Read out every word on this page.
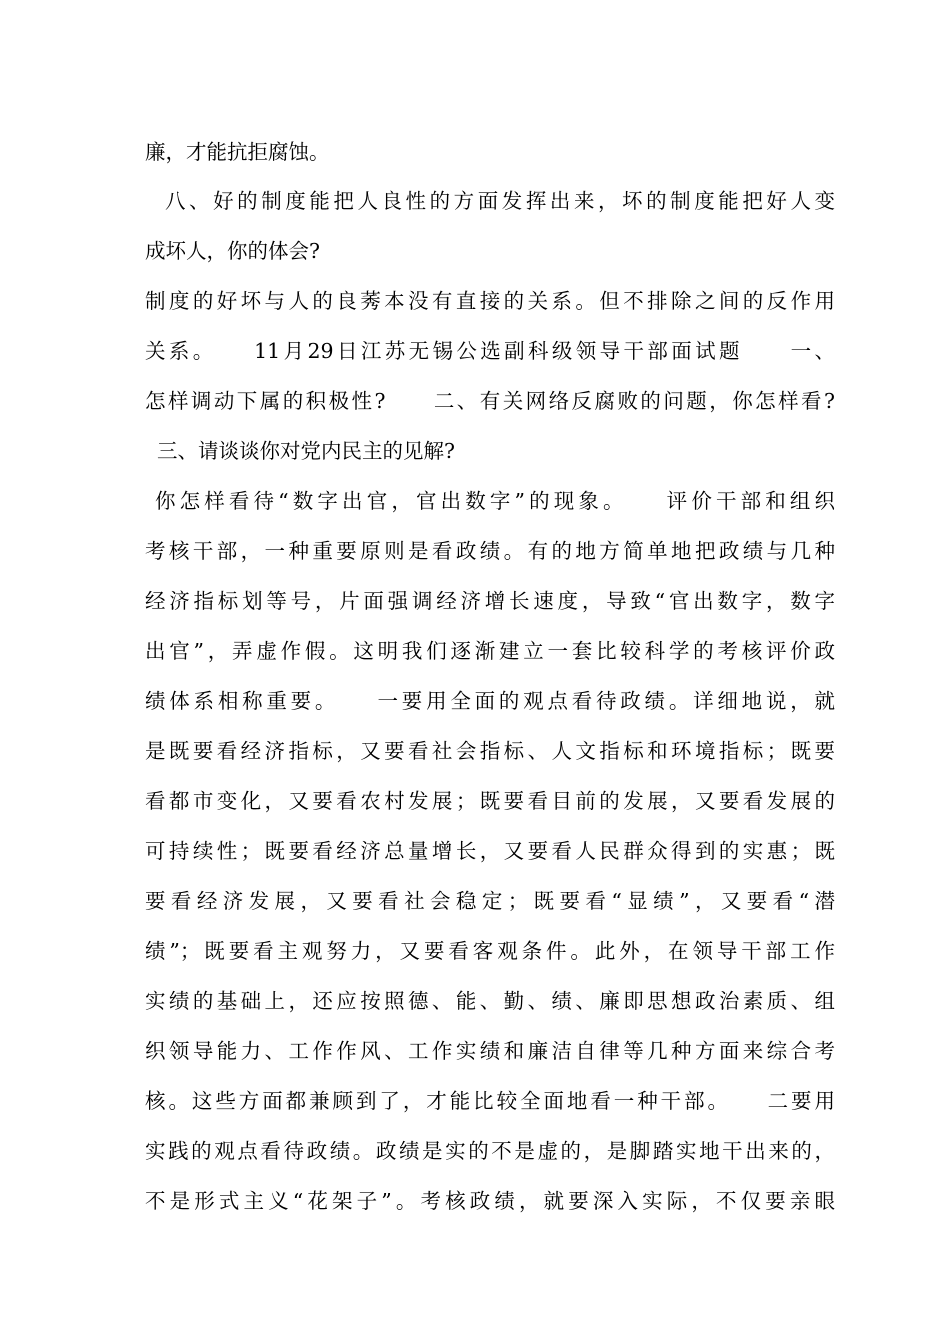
廉，才能抗拒腐蚀。
八、好的制度能把人良性的方面发挥出来，坏的制度能把好人变
成坏人，你的体会?
制度的好坏与人的良莠本没有直接的关系。但不排除之间的反作用
关系。　　11月29日江苏无锡公选副科级领导干部面试题　　一、
怎样调动下属的积极性?　　二、有关网络反腐败的问题，你怎样看?
三、请谈谈你对党内民主的见解?
你怎样看待“数字出官，官出数字”的现象。　　评价干部和组织
考核干部，一种重要原则是看政绩。有的地方简单地把政绩与几种
经济指标划等号，片面强调经济增长速度，导致“官出数字，数字
出官”，弄虚作假。这明我们逐渐建立一套比较科学的考核评价政
绩体系相称重要。　　一要用全面的观点看待政绩。详细地说，就
是既要看经济指标，又要看社会指标、人文指标和环境指标；既要
看都市变化，又要看农村发展；既要看目前的发展，又要看发展的
可持续性；既要看经济总量增长，又要看人民群众得到的实惠；既
要看经济发展，又要看社会稳定；既要看“显绩”，又要看“潜
绩”；既要看主观努力，又要看客观条件。此外，在领导干部工作
实绩的基础上，还应按照德、能、勤、绩、廉即思想政治素质、组
织领导能力、工作作风、工作实绩和廉洁自律等几种方面来综合考
核。这些方面都兼顾到了，才能比较全面地看一种干部。　　二要用
实践的观点看待政绩。政绩是实的不是虚的，是脚踏实地干出来的，
不是形式主义“花架子”。考核政绩，就要深入实际，不仅要亲眼
